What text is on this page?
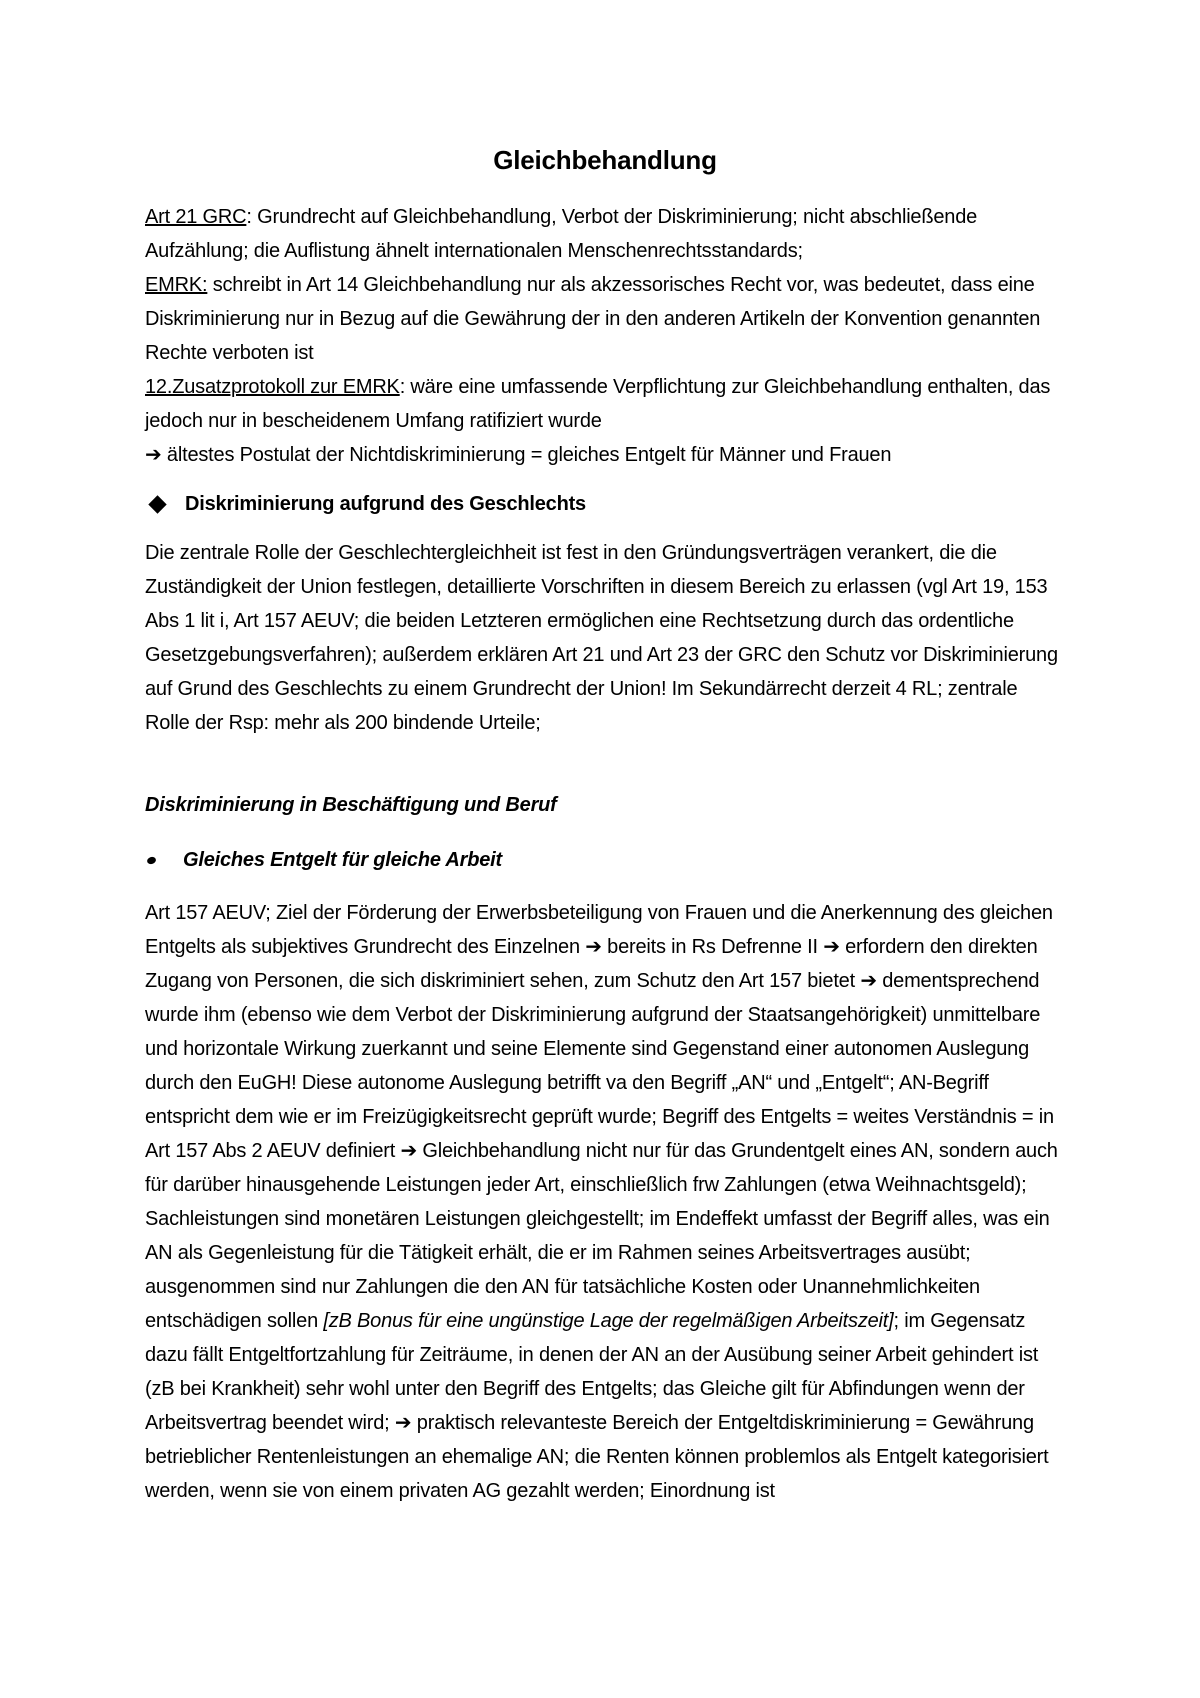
Gleichbehandlung

Art 21 GRC: Grundrecht auf Gleichbehandlung, Verbot der Diskriminierung; nicht abschließende Aufzählung; die Auflistung ähnelt internationalen Menschenrechtsstandards;
EMRK: schreibt in Art 14 Gleichbehandlung nur als akzessorisches Recht vor, was bedeutet, dass eine Diskriminierung nur in Bezug auf die Gewährung der in den anderen Artikeln der Konvention genannten Rechte verboten ist
12.Zusatzprotokoll zur EMRK: wäre eine umfassende Verpflichtung zur Gleichbehandlung enthalten, das jedoch nur in bescheidenem Umfang ratifiziert wurde
➔ ältestes Postulat der Nichtdiskriminierung = gleiches Entgelt für Männer und Frauen

Diskriminierung aufgrund des Geschlechts

Die zentrale Rolle der Geschlechtergleichheit ist fest in den Gründungsverträgen verankert, die die Zuständigkeit der Union festlegen, detaillierte Vorschriften in diesem Bereich zu erlassen (vgl Art 19, 153 Abs 1 lit i, Art 157 AEUV; die beiden Letzteren ermöglichen eine Rechtsetzung durch das ordentliche Gesetzgebungsverfahren); außerdem erklären Art 21 und Art 23 der GRC den Schutz vor Diskriminierung auf Grund des Geschlechts zu einem Grundrecht der Union! Im Sekundärrecht derzeit 4 RL; zentrale Rolle der Rsp: mehr als 200 bindende Urteile;

Diskriminierung in Beschäftigung und Beruf

Gleiches Entgelt für gleiche Arbeit

Art 157 AEUV; Ziel der Förderung der Erwerbsbeteiligung von Frauen und die Anerkennung des gleichen Entgelts als subjektives Grundrecht des Einzelnen ➔ bereits in Rs Defrenne II ➔ erfordern den direkten Zugang von Personen, die sich diskriminiert sehen, zum Schutz den Art 157 bietet ➔ dementsprechend wurde ihm (ebenso wie dem Verbot der Diskriminierung aufgrund der Staatsangehörigkeit) unmittelbare und horizontale Wirkung zuerkannt und seine Elemente sind Gegenstand einer autonomen Auslegung durch den EuGH! Diese autonome Auslegung betrifft va den Begriff „AN“ und „Entgelt“; AN-Begriff entspricht dem wie er im Freizügigkeitsrecht geprüft wurde; Begriff des Entgelts = weites Verständnis = in Art 157 Abs 2 AEUV definiert ➔ Gleichbehandlung nicht nur für das Grundentgelt eines AN, sondern auch für darüber hinausgehende Leistungen jeder Art, einschließlich frw Zahlungen (etwa Weihnachtsgeld); Sachleistungen sind monetären Leistungen gleichgestellt; im Endeffekt umfasst der Begriff alles, was ein AN als Gegenleistung für die Tätigkeit erhält, die er im Rahmen seines Arbeitsvertrages ausübt; ausgenommen sind nur Zahlungen die den AN für tatsächliche Kosten oder Unannehmlichkeiten entschädigen sollen [zB Bonus für eine ungünstige Lage der regelmäßigen Arbeitszeit]; im Gegensatz dazu fällt Entgeltfortzahlung für Zeiträume, in denen der AN an der Ausübung seiner Arbeit gehindert ist (zB bei Krankheit) sehr wohl unter den Begriff des Entgelts; das Gleiche gilt für Abfindungen wenn der Arbeitsvertrag beendet wird; ➔ praktisch relevanteste Bereich der Entgeltdiskriminierung = Gewährung betrieblicher Rentenleistungen an ehemalige AN; die Renten können problemlos als Entgelt kategorisiert werden, wenn sie von einem privaten AG gezahlt werden; Einordnung ist
